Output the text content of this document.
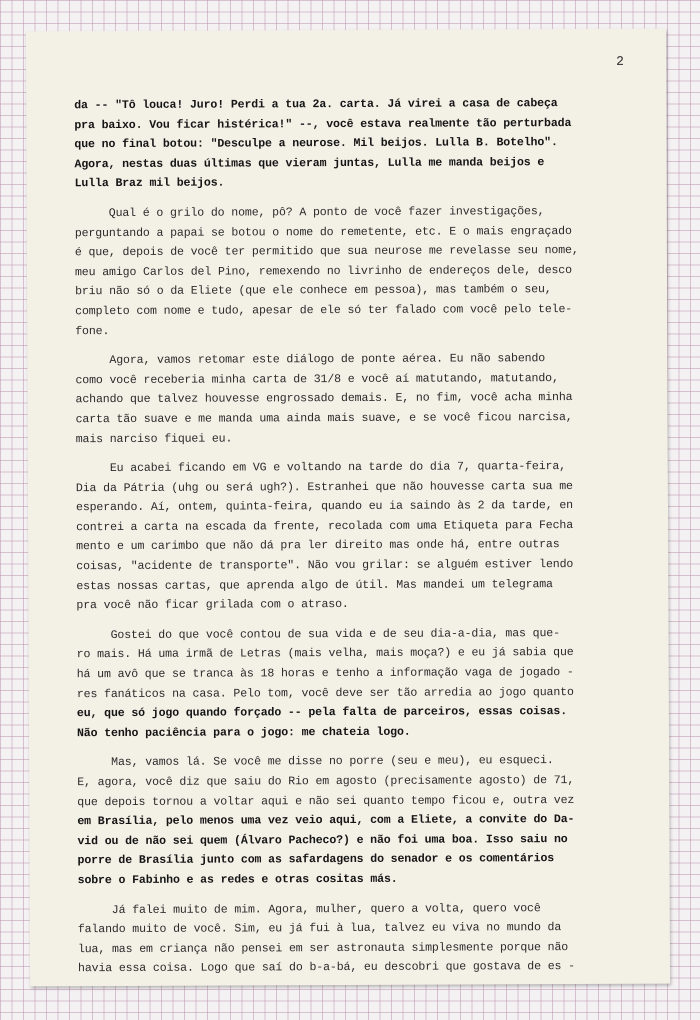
2
da -- "Tô louca! Juro! Perdi a tua 2a. carta. Já virei a casa de cabeça
pra baixo. Vou ficar histérica!" --, você estava realmente tão perturbada
que no final botou: "Desculpe a neurose. Mil beijos. Lulla B. Botelho".
Agora, nestas duas últimas que vieram juntas, Lulla me manda beijos e
Lulla Braz mil beijos.
Qual é o grilo do nome, pô? A ponto de você fazer investigações,
perguntando a papai se botou o nome do remetente, etc. E o mais engraçado
é que, depois de você ter permitido que sua neurose me revelasse seu nome,
meu amigo Carlos del Pino, remexendo no livrinho de endereços dele, desco
briu não só o da Eliete (que ele conhece em pessoa), mas também o seu,
completo com nome e tudo, apesar de ele só ter falado com você pelo tele-
fone.
Agora, vamos retomar este diálogo de ponte aérea. Eu não sabendo
como você receberia minha carta de 31/8 e você aí matutando, matutando,
achando que talvez houvesse engrossado demais. E, no fim, você acha minha
carta tão suave e me manda uma ainda mais suave, e se você ficou narcisa,
mais narciso fiquei eu.
Eu acabei ficando em VG e voltando na tarde do dia 7, quarta-feira,
Dia da Pátria (uhg ou será ugh?). Estranhei que não houvesse carta sua me
esperando. Aí, ontem, quinta-feira, quando eu ia saindo às 2 da tarde, en
contrei a carta na escada da frente, recolada com uma Etiqueta para Fecha
mento e um carimbo que não dá pra ler direito mas onde há, entre outras
coisas, "acidente de transporte". Não vou grilar: se alguém estiver lendo
estas nossas cartas, que aprenda algo de útil. Mas mandei um telegrama
pra você não ficar grilada com o atraso.
Gostei do que você contou de sua vida e de seu dia-a-dia, mas que-
ro mais. Há uma irmã de Letras (mais velha, mais moça?) e eu já sabia que
há um avô que se tranca às 18 horas e tenho a informação vaga de jogado -
res fanáticos na casa. Pelo tom, você deve ser tão arredia ao jogo quanto
eu, que só jogo quando forçado -- pela falta de parceiros, essas coisas.
Não tenho paciência para o jogo: me chateia logo.
Mas, vamos lá. Se você me disse no porre (seu e meu), eu esqueci.
E, agora, você diz que saiu do Rio em agosto (precisamente agosto) de 71,
que depois tornou a voltar aqui e não sei quanto tempo ficou e, outra vez
em Brasília, pelo menos uma vez veio aqui, com a Eliete, a convite do Da-
vid ou de não sei quem (Álvaro Pacheco?) e não foi uma boa. Isso saiu no
porre de Brasília junto com as safardagens do senador e os comentários
sobre o Fabinho e as redes e otras cositas más.
Já falei muito de mim. Agora, mulher, quero a volta, quero você
falando muito de você. Sim, eu já fui à lua, talvez eu viva no mundo da
lua, mas em criança não pensei em ser astronauta simplesmente porque não
havia essa coisa. Logo que saí do b-a-bá, eu descobri que gostava de es -
